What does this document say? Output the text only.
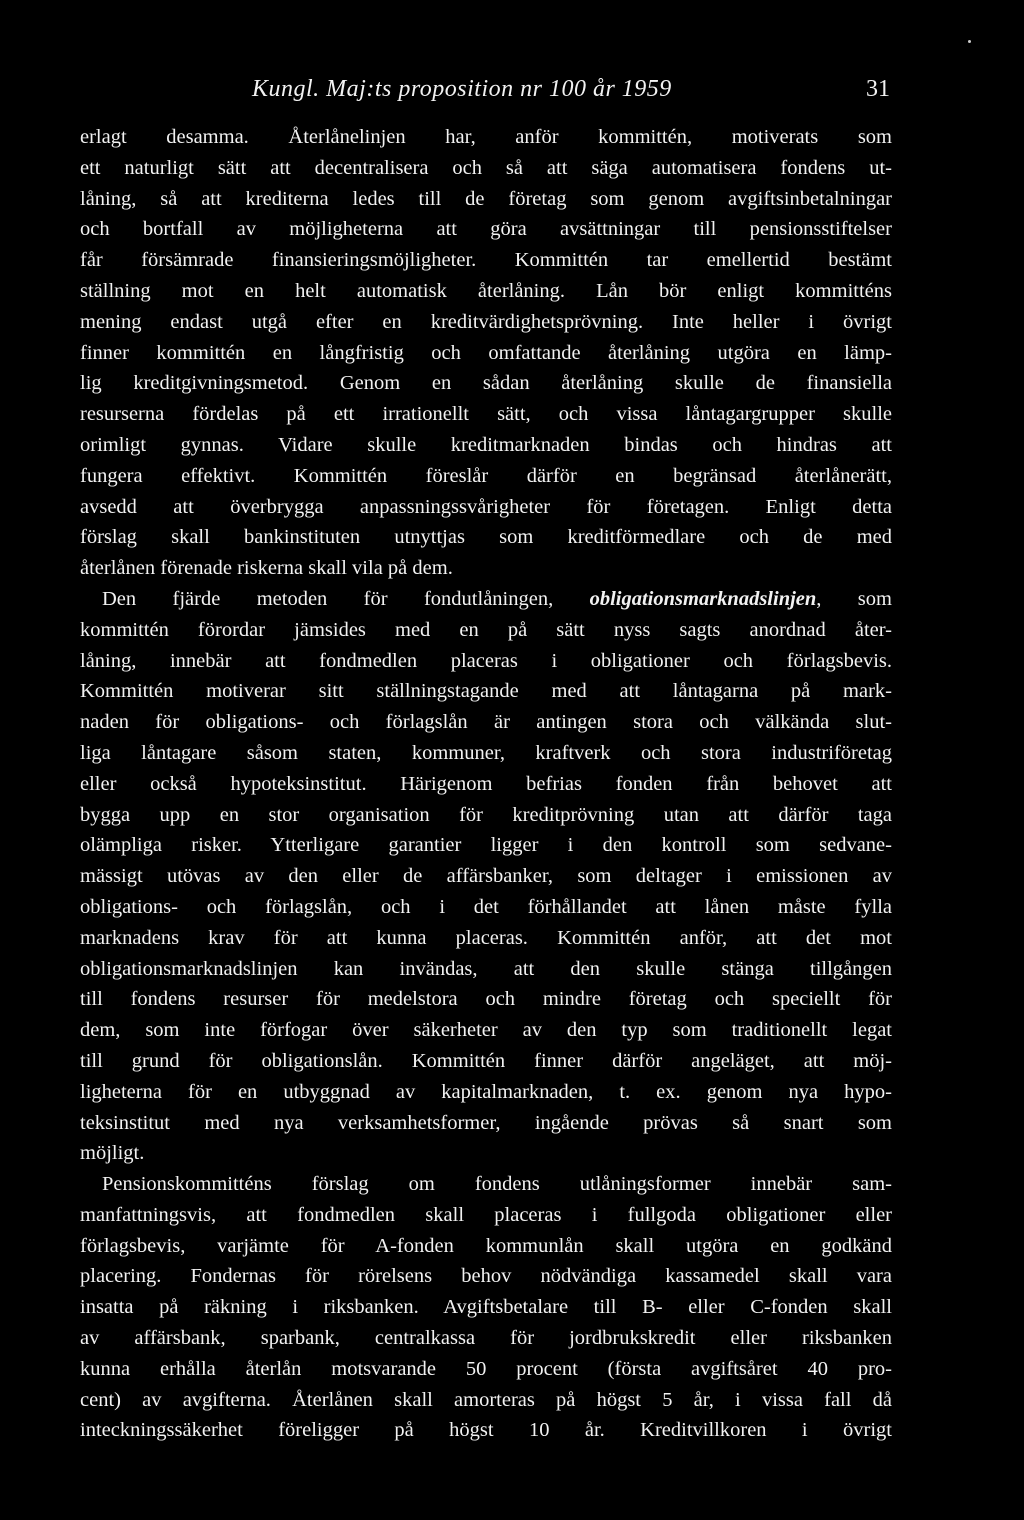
Kungl. Maj:ts proposition nr 100 år 1959	31
erlagt desamma. Återlånelinjen har, anför kommittén, motiverats som
ett naturligt sätt att decentralisera och så att säga automatisera fondens ut-
låning, så att krediterna ledes till de företag som genom avgiftsinbetalningar
och bortfall av möjligheterna att göra avsättningar till pensionsstiftelser
får försämrade finansieringsmöjligheter. Kommittén tar emellertid bestämt
ställning mot en helt automatisk återlåning. Lån bör enligt kommitténs
mening endast utgå efter en kreditvärdighetsprövning. Inte heller i övrigt
finner kommittén en långfristig och omfattande återlåning utgöra en lämp-
lig kreditgivningsmetod. Genom en sådan återlåning skulle de finansiella
resurserna fördelas på ett irrationellt sätt, och vissa låntagargrupper skulle
orimligt gynnas. Vidare skulle kreditmarknaden bindas och hindras att
fungera effektivt. Kommittén föreslår därför en begränsad återlånerätt,
avsedd att överbrygga anpassningssvårigheter för företagen. Enligt detta
förslag skall bankinstituten utnyttjas som kreditförmedlare och de med
återlånen förenade riskerna skall vila på dem.
Den fjärde metoden för fondutlåningen, obligationsmarknadslinjen, som
kommittén förordar jämsides med en på sätt nyss sagts anordnad åter-
låning, innebär att fondmedlen placeras i obligationer och förlagsbevis.
Kommittén motiverar sitt ställningstagande med att låntagarna på mark-
naden för obligations- och förlagslån är antingen stora och välkända slut-
liga låntagare såsom staten, kommuner, kraftverk och stora industriföretag
eller också hypoteksinstitut. Härigenom befrias fonden från behovet att
bygga upp en stor organisation för kreditprövning utan att därför taga
olämpliga risker. Ytterligare garantier ligger i den kontroll som sedvane-
mässigt utövas av den eller de affärsbanker, som deltager i emissionen av
obligations- och förlagslån, och i det förhållandet att lånen måste fylla
marknadens krav för att kunna placeras. Kommittén anför, att det mot
obligationsmarknadslinjen kan invändas, att den skulle stänga tillgången
till fondens resurser för medelstora och mindre företag och speciellt för
dem, som inte förfogar över säkerheter av den typ som traditionellt legat
till grund för obligationslån. Kommittén finner därför angeläget, att möj-
ligheterna för en utbyggnad av kapitalmarknaden, t. ex. genom nya hypo-
teksinstitut med nya verksamhetsformer, ingående prövas så snart som
möjligt.
Pensionskommitténs förslag om fondens utlåningsformer innebär sam-
manfattningsvis, att fondmedlen skall placeras i fullgoda obligationer eller
förlagsbevis, varjämte för A-fonden kommunlån skall utgöra en godkänd
placering. Fondernas för rörelsens behov nödvändiga kassamedel skall vara
insatta på räkning i riksbanken. Avgiftsbetalare till B- eller C-fonden skall
av affärsbank, sparbank, centralkassa för jordbrukskredit eller riksbanken
kunna erhålla återlån motsvarande 50 procent (första avgiftsåret 40 pro-
cent) av avgifterna. Återlånen skall amorteras på högst 5 år, i vissa fall då
inteckningssäkerhet föreligger på högst 10 år. Kreditvillkoren i övrigt
